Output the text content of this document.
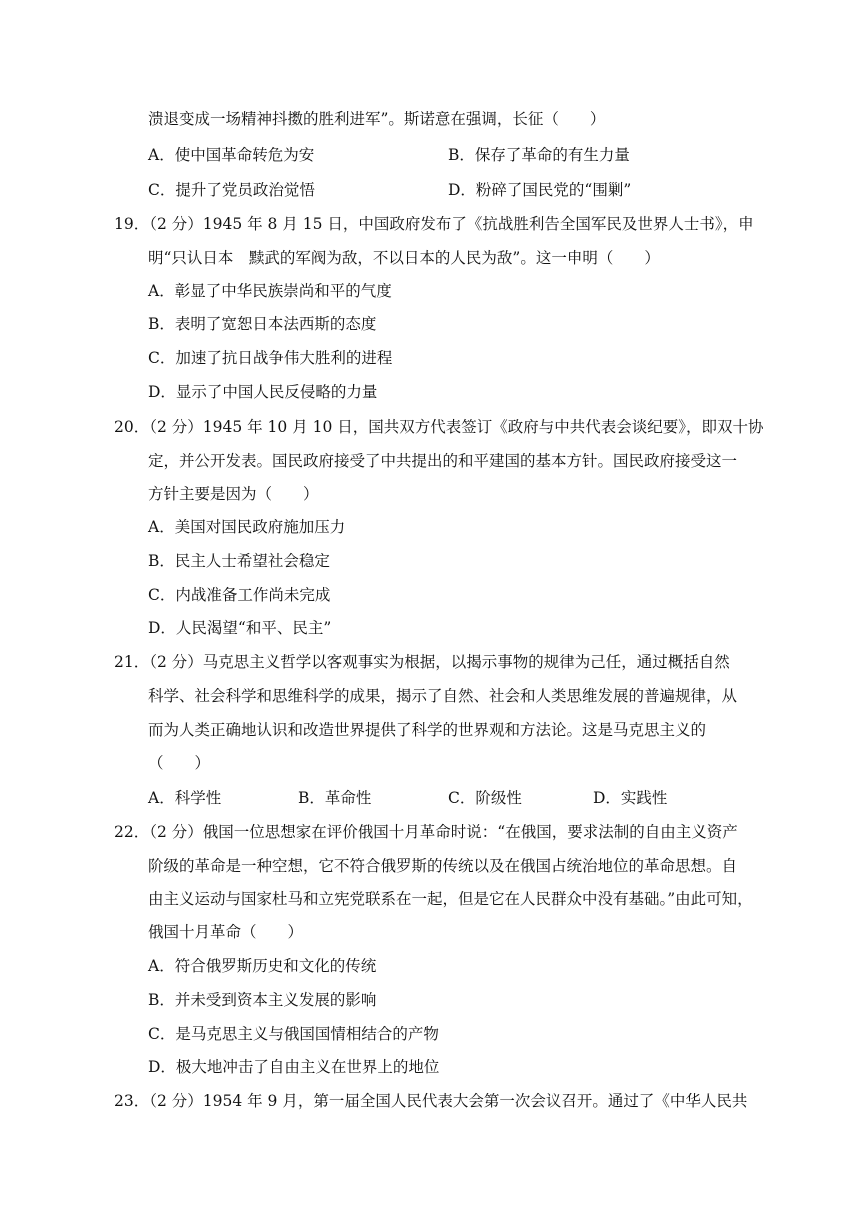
溃退变成一场精神抖擞的胜利进军”。斯诺意在强调，长征（　　）
A．使中国革命转危为安	B．保存了革命的有生力量
C．提升了党员政治觉悟	D．粉碎了国民党的“围剿”
19．（2 分）1945 年 8 月 15 日，中国政府发布了《抗战胜利告全国军民及世界人士书》，申
明“只认日本　黩武的军阀为敌，不以日本的人民为敌”。这一申明（　　）
A．彰显了中华民族崇尚和平的气度
B．表明了宽恕日本法西斯的态度
C．加速了抗日战争伟大胜利的进程
D．显示了中国人民反侵略的力量
20．（2 分）1945 年 10 月 10 日，国共双方代表签订《政府与中共代表会谈纪要》，即双十协
定，并公开发表。国民政府接受了中共提出的和平建国的基本方针。国民政府接受这一
方针主要是因为（　　）
A．美国对国民政府施加压力
B．民主人士希望社会稳定
C．内战准备工作尚未完成
D．人民渴望“和平、民主”
21．（2 分）马克思主义哲学以客观事实为根据，以揭示事物的规律为己任，通过概括自然
科学、社会科学和思维科学的成果，揭示了自然、社会和人类思维发展的普遍规律，从
而为人类正确地认识和改造世界提供了科学的世界观和方法论。这是马克思主义的
（　　）
A．科学性	B．革命性	C．阶级性	D．实践性
22．（2 分）俄国一位思想家在评价俄国十月革命时说：“在俄国，要求法制的自由主义资产
阶级的革命是一种空想，它不符合俄罗斯的传统以及在俄国占统治地位的革命思想。自
由主义运动与国家杜马和立宪党联系在一起，但是它在人民群众中没有基础。”由此可知，
俄国十月革命（　　）
A．符合俄罗斯历史和文化的传统
B．并未受到资本主义发展的影响
C．是马克思主义与俄国国情相结合的产物
D．极大地冲击了自由主义在世界上的地位
23．（2 分）1954 年 9 月，第一届全国人民代表大会第一次会议召开。通过了《中华人民共
